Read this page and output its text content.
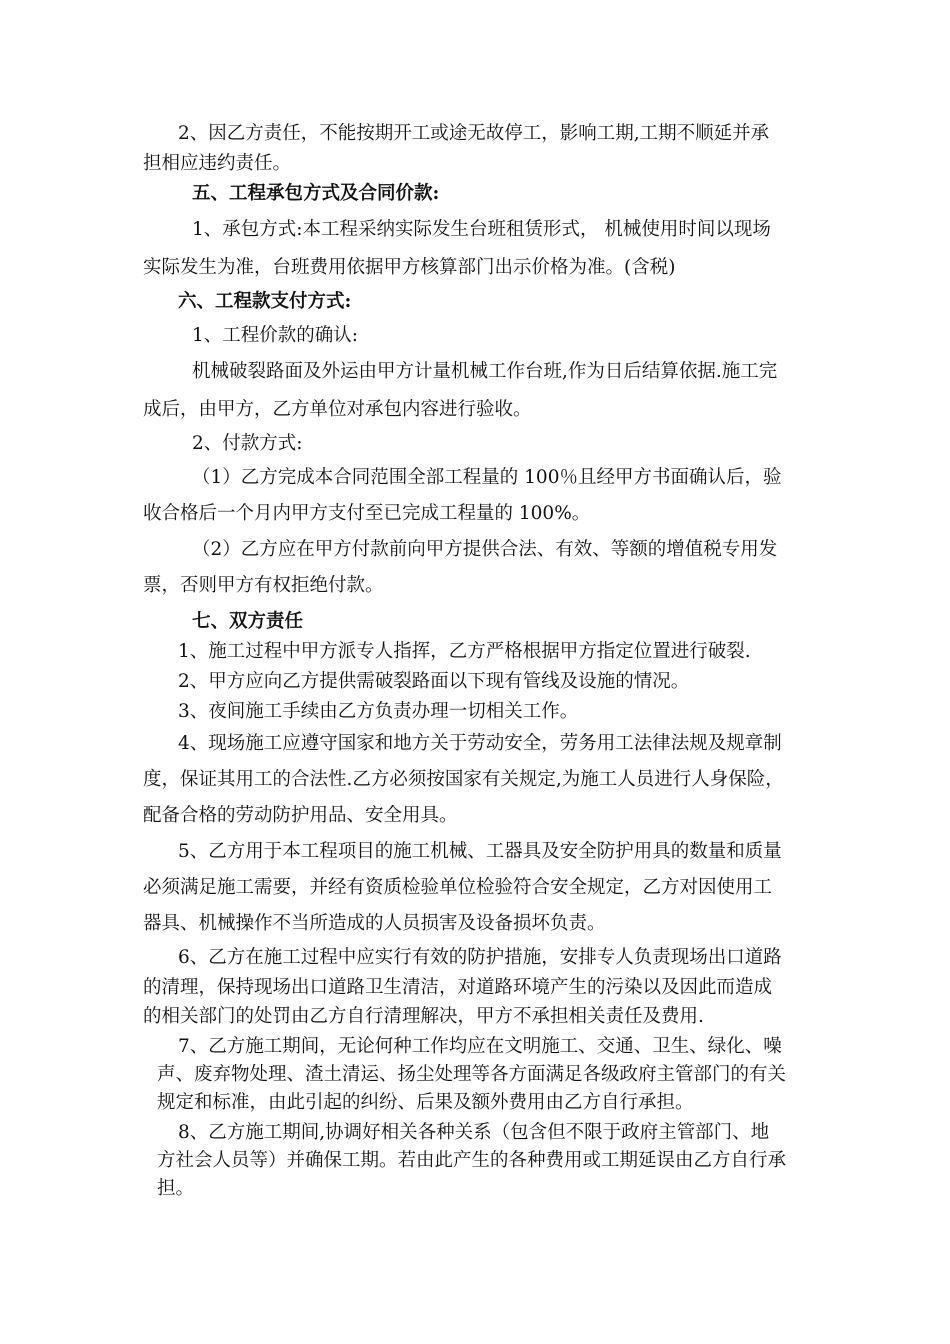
2、因乙方责任，不能按期开工或途无故停工，影响工期,工期不顺延并承
担相应违约责任。
五、工程承包方式及合同价款:
1、承包方式:本工程采纳实际发生台班租赁形式， 机械使用时间以现场
实际发生为准，台班费用依据甲方核算部门出示价格为准。(含税)
六、工程款支付方式:
1、工程价款的确认:
机械破裂路面及外运由甲方计量机械工作台班,作为日后结算依据.施工完
成后，由甲方，乙方单位对承包内容进行验收。
2、付款方式:
（1）乙方完成本合同范围全部工程量的 100％且经甲方书面确认后，验
收合格后一个月内甲方支付至已完成工程量的 100%。
（2）乙方应在甲方付款前向甲方提供合法、有效、等额的增值税专用发
票，否则甲方有权拒绝付款。
七、双方责任
1、施工过程中甲方派专人指挥，乙方严格根据甲方指定位置进行破裂.
2、甲方应向乙方提供需破裂路面以下现有管线及设施的情况。
3、夜间施工手续由乙方负责办理一切相关工作。
4、现场施工应遵守国家和地方关于劳动安全，劳务用工法律法规及规章制
度，保证其用工的合法性.乙方必须按国家有关规定,为施工人员进行人身保险，
配备合格的劳动防护用品、安全用具。
5、乙方用于本工程项目的施工机械、工器具及安全防护用具的数量和质量
必须满足施工需要，并经有资质检验单位检验符合安全规定，乙方对因使用工
器具、机械操作不当所造成的人员损害及设备损坏负责。
6、乙方在施工过程中应实行有效的防护措施，安排专人负责现场出口道路
的清理，保持现场出口道路卫生清洁，对道路环境产生的污染以及因此而造成
的相关部门的处罚由乙方自行清理解决，甲方不承担相关责任及费用.
7、乙方施工期间，无论何种工作均应在文明施工、交通、卫生、绿化、噪
声、废弃物处理、渣土清运、扬尘处理等各方面满足各级政府主管部门的有关
规定和标准，由此引起的纠纷、后果及额外费用由乙方自行承担。
8、乙方施工期间,协调好相关各种关系（包含但不限于政府主管部门、地
方社会人员等）并确保工期。若由此产生的各种费用或工期延误由乙方自行承
担。
